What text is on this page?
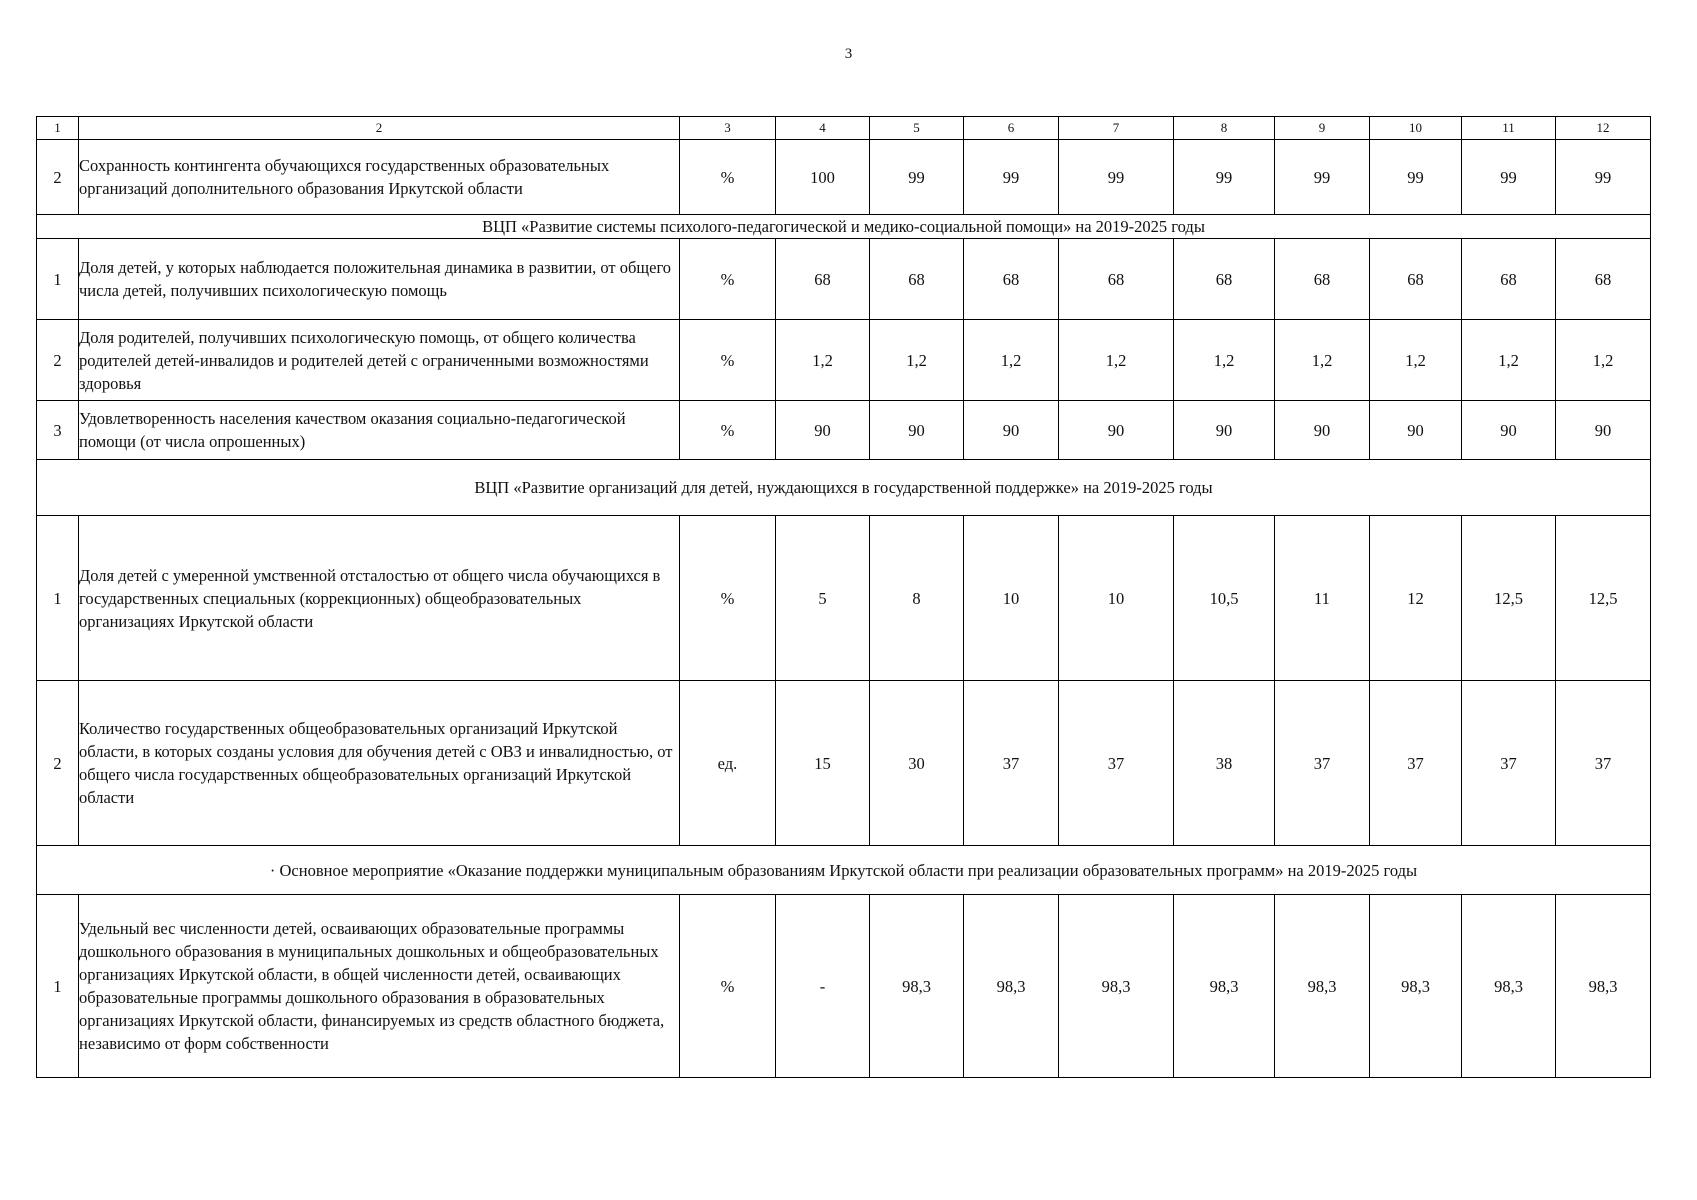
3
1	2	3	4	5	6	7	8	9	10	11	12
2	Сохранность контингента обучающихся государственных образовательных организаций дополнительного образования Иркутской области	%	100	99	99	99	99	99	99	99	99
ВЦП «Развитие системы психолого-педагогической и медико-социальной помощи» на 2019-2025 годы											
1	Доля детей, у которых наблюдается положительная динамика в развитии, от общего числа детей, получивших психологическую помощь	%	68	68	68	68	68	68	68	68	68
2	Доля родителей, получивших психологическую помощь, от общего количества родителей детей-инвалидов и родителей детей с ограниченными возможностями здоровья	%	1,2	1,2	1,2	1,2	1,2	1,2	1,2	1,2	1,2
3	Удовлетворенность населения качеством оказания социально-педагогической помощи (от числа опрошенных)	%	90	90	90	90	90	90	90	90	90
ВЦП «Развитие организаций для детей, нуждающихся в государственной поддержке» на 2019-2025 годы											
1	Доля детей с умеренной умственной отсталостью от общего числа обучающихся в государственных специальных (коррекционных) общеобразовательных организациях Иркутской области	%	5	8	10	10	10,5	11	12	12,5	12,5
2	Количество государственных общеобразовательных организаций Иркутской области, в которых созданы условия для обучения детей с ОВЗ и инвалидностью, от общего числа государственных общеобразовательных организаций Иркутской области	ед.	15	30	37	37	38	37	37	37	37
· Основное мероприятие «Оказание поддержки муниципальным образованиям Иркутской области при реализации образовательных программ» на 2019-2025 годы											
1	Удельный вес численности детей, осваивающих образовательные программы дошкольного образования в муниципальных дошкольных и общеобразовательных организациях Иркутской области, в общей численности детей, осваивающих образовательные программы дошкольного образования в образовательных организациях Иркутской области, финансируемых из средств областного бюджета, независимо от форм собственности	%	-	98,3	98,3	98,3	98,3	98,3	98,3	98,3	98,3
